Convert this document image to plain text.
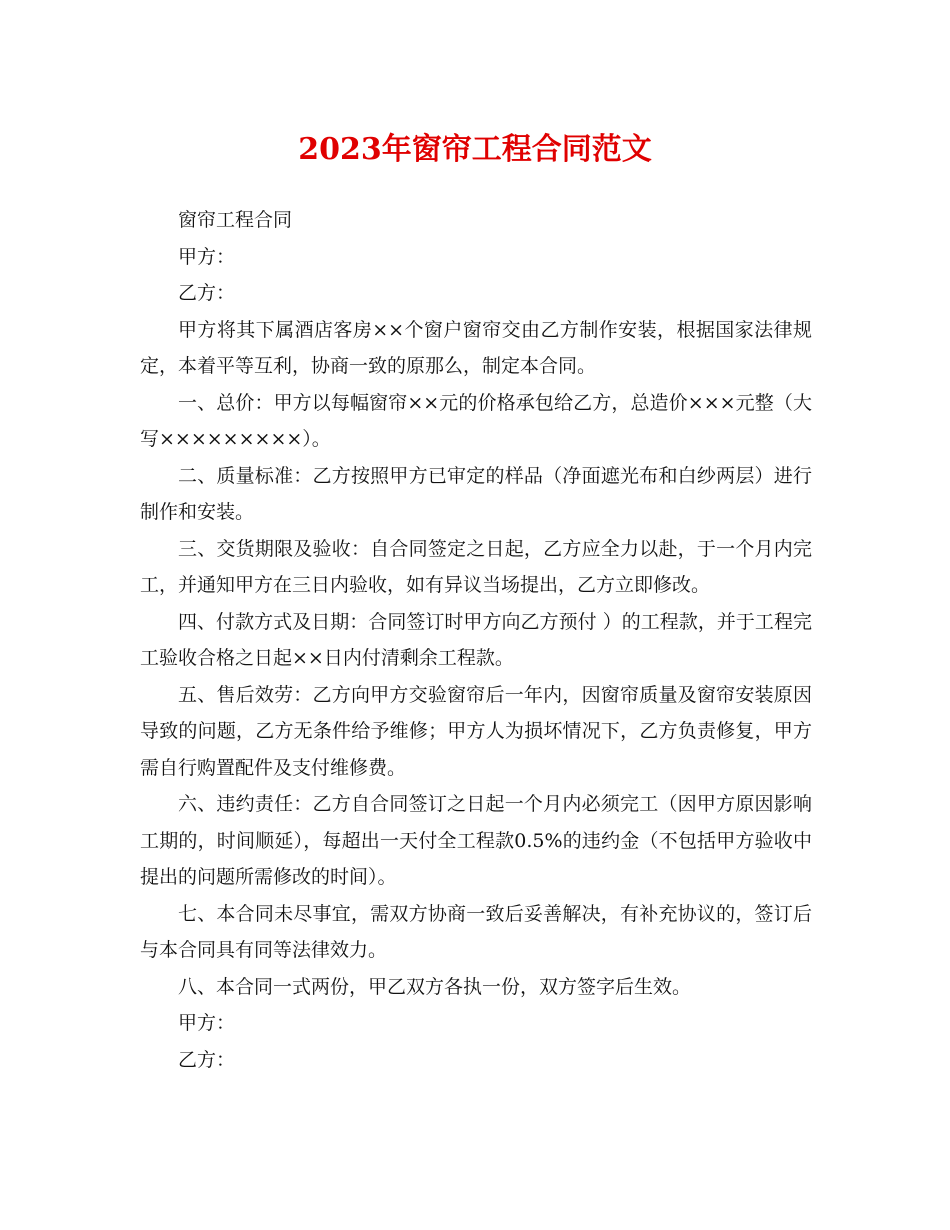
2023年窗帘工程合同范文

窗帘工程合同

甲方：

乙方：

甲方将其下属酒店客房××个窗户窗帘交由乙方制作安装，根据国家法律规定，本着平等互利，协商一致的原那么，制定本合同。

一、总价：甲方以每幅窗帘××元的价格承包给乙方，总造价×××元整（大写×××××××××）。

二、质量标准：乙方按照甲方已审定的样品（净面遮光布和白纱两层）进行制作和安装。

三、交货期限及验收：自合同签定之日起，乙方应全力以赴，于一个月内完工，并通知甲方在三日内验收，如有异议当场提出，乙方立即修改。

四、付款方式及日期：合同签订时甲方向乙方预付 ）的工程款，并于工程完工验收合格之日起××日内付清剩余工程款。

五、售后效劳：乙方向甲方交验窗帘后一年内，因窗帘质量及窗帘安装原因导致的问题，乙方无条件给予维修；甲方人为损坏情况下，乙方负责修复，甲方需自行购置配件及支付维修费。

六、违约责任：乙方自合同签订之日起一个月内必须完工（因甲方原因影响工期的，时间顺延），每超出一天付全工程款0.5%的违约金（不包括甲方验收中提出的问题所需修改的时间）。

七、本合同未尽事宜，需双方协商一致后妥善解决，有补充协议的，签订后与本合同具有同等法律效力。

八、本合同一式两份，甲乙双方各执一份，双方签字后生效。

甲方：

乙方：
